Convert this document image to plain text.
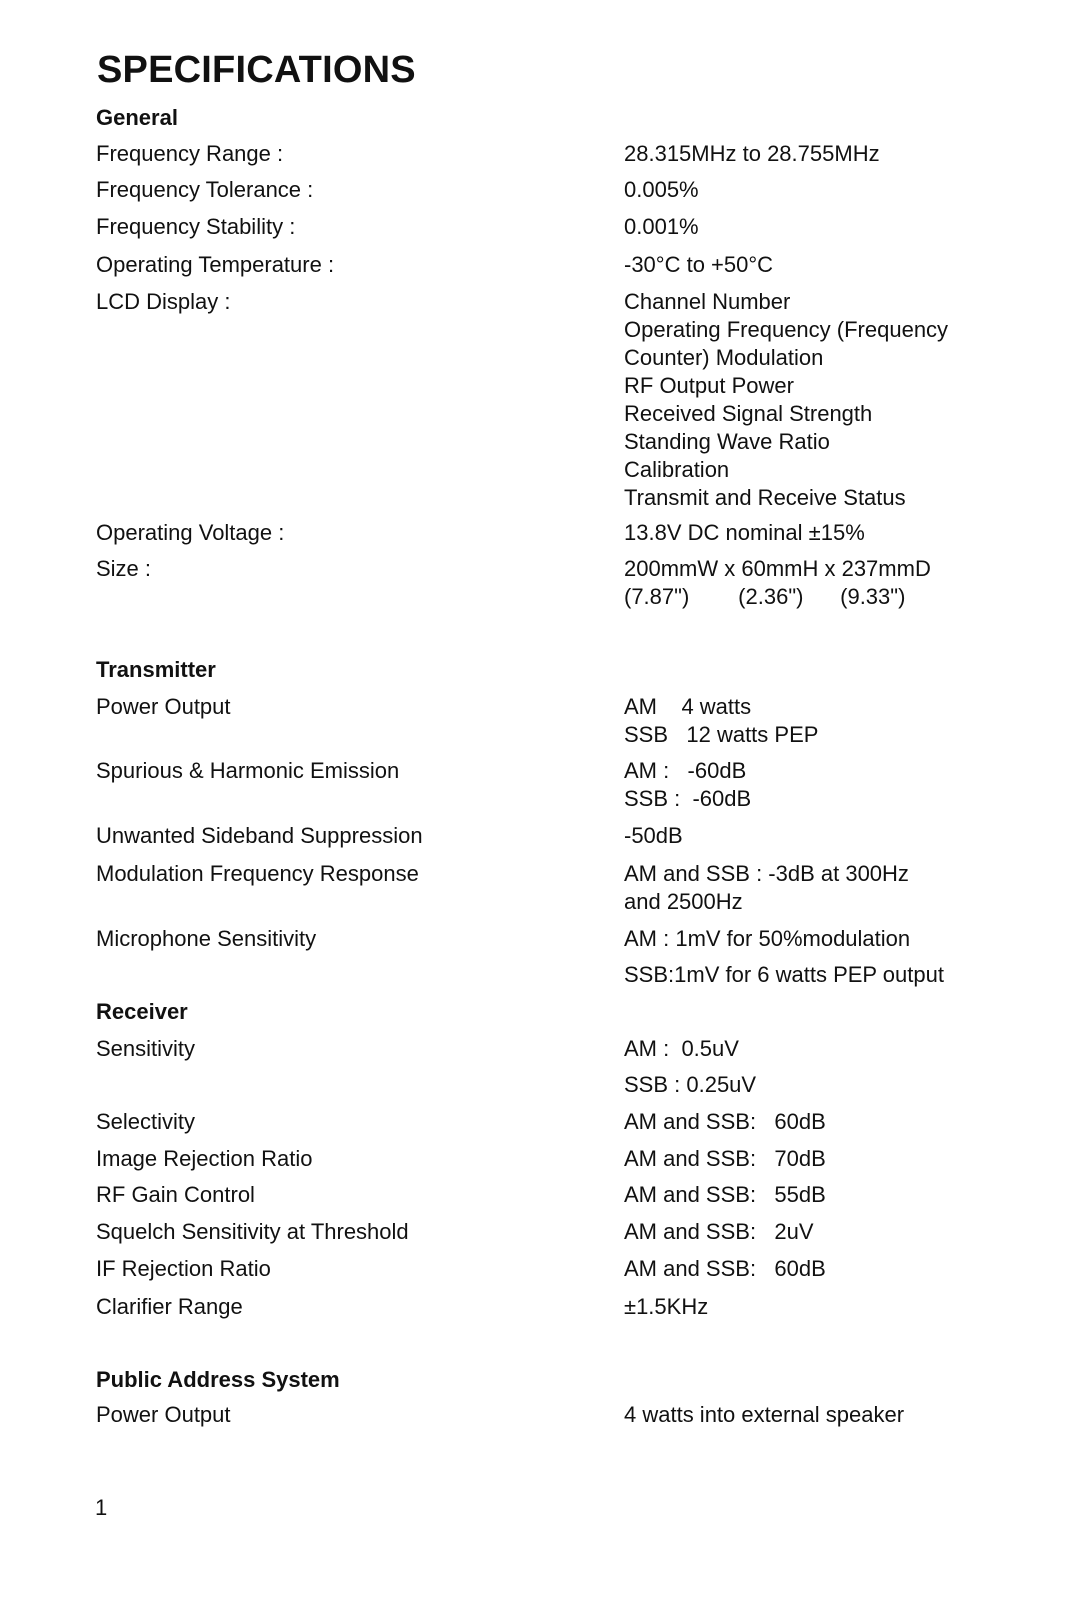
SPECIFICATIONS
General
Frequency Range :	28.315MHz to 28.755MHz
Frequency Tolerance :	0.005%
Frequency Stability :	0.001%
Operating Temperature :	-30°C to +50°C
LCD Display :	Channel Number
Operating Frequency (Frequency
Counter) Modulation
RF Output Power
Received Signal Strength
Standing Wave Ratio
Calibration
Transmit and Receive Status
Operating Voltage :	13.8V DC nominal ±15%
Size :	200mmW x 60mmH x 237mmD
(7.87")        (2.36")      (9.33")
Transmitter
Power Output	AM    4 watts
SSB   12 watts PEP
Spurious & Harmonic Emission	AM :   -60dB
SSB :  -60dB
Unwanted Sideband Suppression	-50dB
Modulation Frequency Response	AM and SSB : -3dB at 300Hz
and 2500Hz
Microphone Sensitivity	AM : 1mV for 50%modulation
SSB:1mV for 6 watts PEP output
Receiver
Sensitivity	AM :  0.5uV
SSB : 0.25uV
Selectivity	AM and SSB:   60dB
Image Rejection Ratio	AM and SSB:   70dB
RF Gain Control	AM and SSB:   55dB
Squelch Sensitivity at Threshold	AM and SSB:   2uV
IF Rejection Ratio	AM and SSB:   60dB
Clarifier Range	±1.5KHz
Public Address System
Power Output	4 watts into external speaker
1
